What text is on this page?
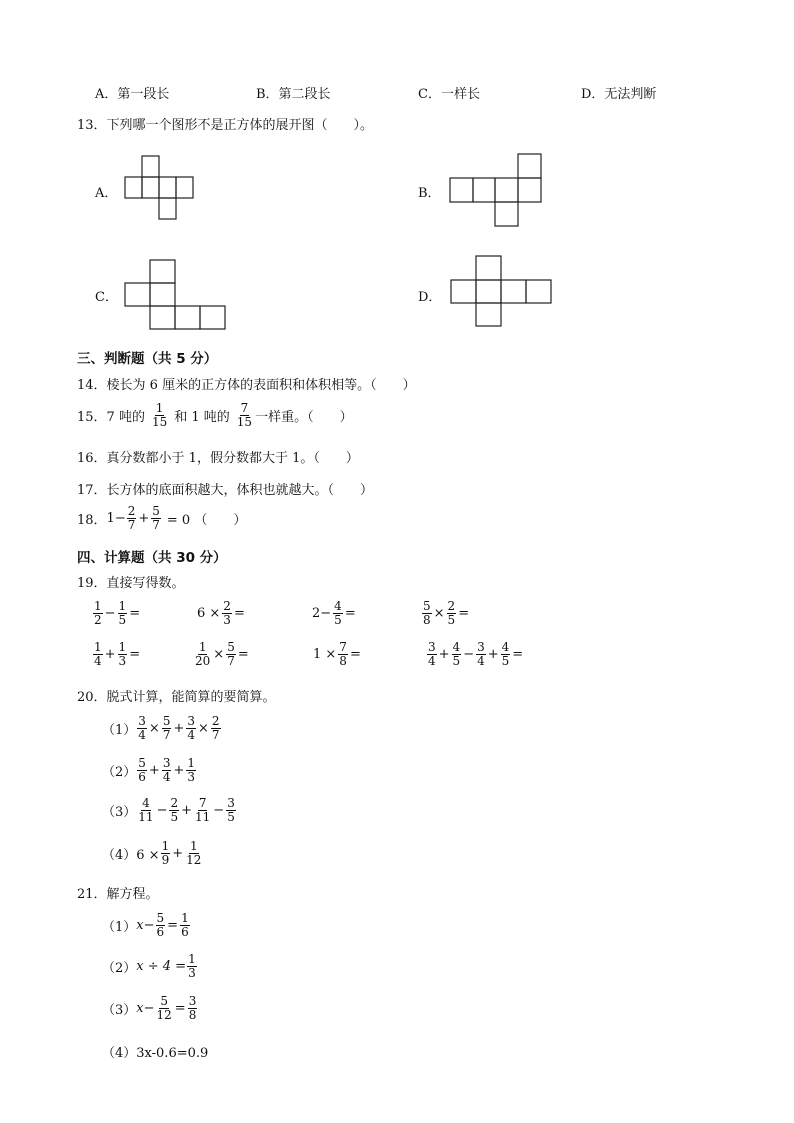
A．第一段长	B．第二段长	C．一样长	D．无法判断
13．下列哪一个图形不是正方体的展开图（　　）。
A．	B．
C．	D．
三、判断题（共 5 分）
14．棱长为 6 厘米的正方体的表面积和体积相等。（　　）
15． 7 吨的 $\frac{1}{15}$ 和 1 吨的 $\frac{7}{15}$ 一样重。（　　）
16．真分数都小于 1，假分数都大于 1。（　　）
17．长方体的底面积越大，体积也就越大。（　　）
18． $1- \frac{2}{7} + \frac{5}{7} = 0$ （　　）
四、计算题（共 30 分）
19．直接写得数。
$\frac{1}{2} - \frac{1}{5}$ =	$6 \times \frac{2}{3}$ =	$2- \frac{4}{5}$ =	$\frac{5}{8} \times \frac{2}{5}$ =
$\frac{1}{4} + \frac{1}{3}$ =	$\frac{1}{20} \times \frac{5}{7}$ =	$1 \times \frac{7}{8}$ =	$\frac{3}{4} + \frac{4}{5} - \frac{3}{4} + \frac{4}{5}$ =
20．脱式计算，能简算的要简算。
$(1) \frac{3}{4} \times \frac{5}{7} + \frac{3}{4} \times \frac{2}{7}$
$(2) \frac{5}{6} + \frac{3}{4} + \frac{1}{3}$
$(3) \frac{4}{11} - \frac{2}{5} + \frac{7}{11} - \frac{3}{5}$
$(4)6 \times \frac{1}{9} + \frac{1}{12}$
21．解方程。
（1） $x- \frac{5}{6} = \frac{1}{6}$
（2） $x \div 4 = \frac{1}{3}$
（3） $x- \frac{5}{12} = \frac{3}{8}$
（4）3x-0.6=0.9
